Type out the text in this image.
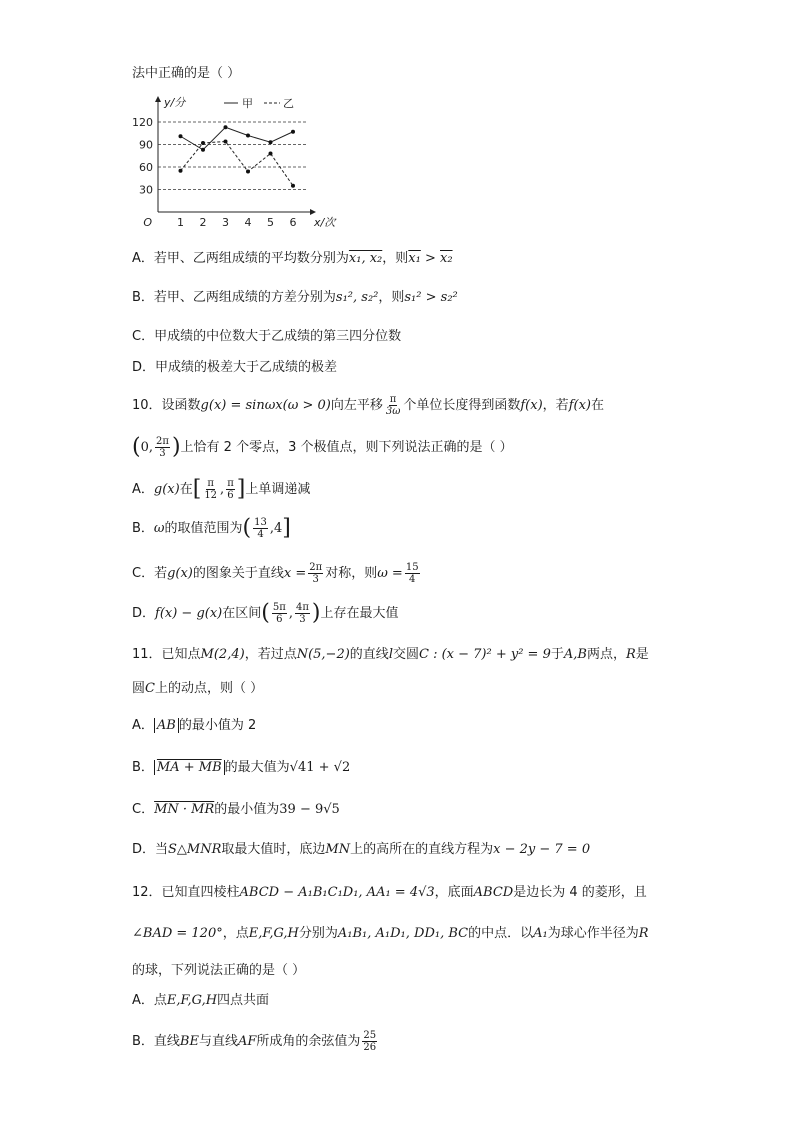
法中正确的是（ ）
30
60
90
120
1 2 3 4 5 6
O	x/次
y/分	甲	乙
A．若甲、乙两组成绩的平均数分别为x₁, x₂，则x₁ > x₂
B．若甲、乙两组成绩的方差分别为s₁², s₂²，则s₁² > s₂²
C．甲成绩的中位数大于乙成绩的第三四分位数
D．甲成绩的极差大于乙成绩的极差
10．设函数g(x) = sinωx(ω > 0)向左平移 $\frac{\pi}{3\omega}$ 个单位长度得到函数f(x)，若f(x)在
(0, $\frac{2\pi}{3}$ )上恰有 2 个零点，3 个极值点，则下列说法正确的是（ ）
A．g(x)在[ $\frac{\pi}{12}$ , $\frac{\pi}{6}$ ]上单调递减
B．ω的取值范围为( $\frac{13}{4} ,4$]
C．若g(x)的图象关于直线$x = \frac{2\pi}{3}$ 对称，则$\omega = \frac{15}{4}$
D．f(x) − g(x)在区间( $\frac{5\pi}{6}$ , $\frac{4\pi}{3}$ )上存在最大值
11．已知点M(2,4)，若过点N(5,−2)的直线l交圆C : (x − 7)² + y² = 9于A,B两点，R是
圆C上的动点，则（ ）
A． AB 的最小值为 2
B． MA + MB 的最大值为√41 + √2
C．MN · MR的最小值为39 − 9√5
D．当S△MNR取最大值时，底边MN上的高所在的直线方程为x − 2y − 7 = 0
12．已知直四棱柱ABCD − A₁B₁C₁D₁, AA₁ = 4√3，底面ABCD是边长为 4 的菱形，且
∠BAD = 120°，点E,F,G,H分别为A₁B₁, A₁D₁, DD₁, BC的中点．以A₁为球心作半径为R
的球，下列说法正确的是（ ）
A．点E,F,G,H四点共面
B．直线BE与直线AF所成角的余弦值为 $\frac{25}{26}$
